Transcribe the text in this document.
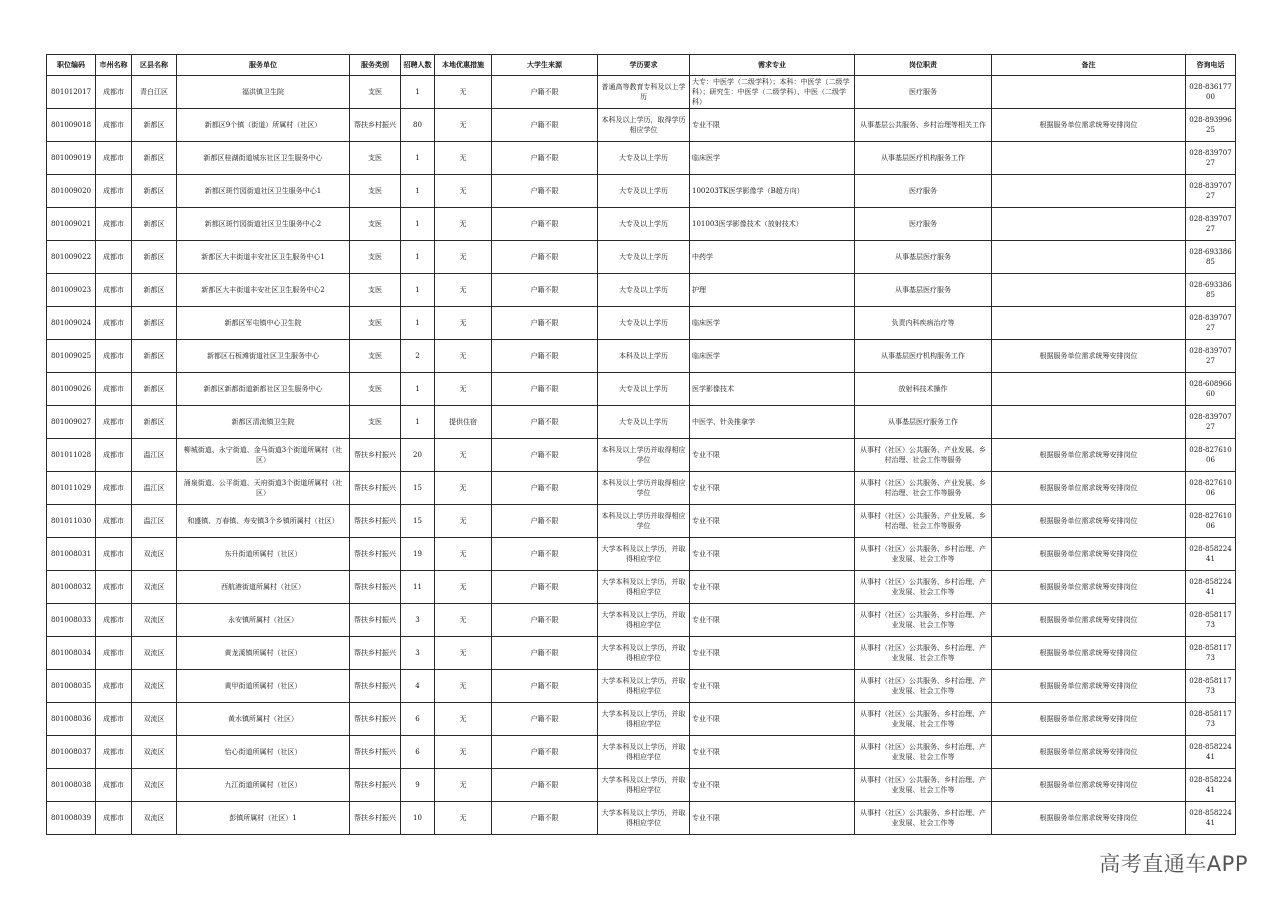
职位编码	市州名称	区县名称	服务单位	服务类别	招聘人数	本地优惠措施	大学生来源	学历要求	需求专业	岗位职责	备注	咨询电话
801012017	成都市	青白江区	福洪镇卫生院	支医	1	无	户籍不限	普通高等教育专科及以上学历	大专：中医学（二级学科）；本科：中医学（二级学科）；研究生：中医学（二级学科）、中医（二级学科）	医疗服务		028-83617700
801009018	成都市	新都区	新都区9个镇（街道）所属村（社区）	帮扶乡村振兴	80	无	户籍不限	本科及以上学历，取得学历相应学位	专业不限	从事基层公共服务、乡村治理等相关工作	根据服务单位需求统筹安排岗位	028-89399625
801009019	成都市	新都区	新都区桂湖街道城东社区卫生服务中心	支医	1	无	户籍不限	大专及以上学历	临床医学	从事基层医疗机构服务工作		028-83970727
801009020	成都市	新都区	新都区斑竹园街道社区卫生服务中心1	支医	1	无	户籍不限	大专及以上学历	100203TK医学影像学（B超方向）	医疗服务		028-83970727
801009021	成都市	新都区	新都区斑竹园街道社区卫生服务中心2	支医	1	无	户籍不限	大专及以上学历	101003医学影像技术（放射技术）	医疗服务		028-83970727
801009022	成都市	新都区	新都区大丰街道丰安社区卫生服务中心1	支医	1	无	户籍不限	大专及以上学历	中药学	从事基层医疗服务		028-69338685
801009023	成都市	新都区	新都区大丰街道丰安社区卫生服务中心2	支医	1	无	户籍不限	大专及以上学历	护理	从事基层医疗服务		028-69338685
801009024	成都市	新都区	新都区军屯镇中心卫生院	支医	1	无	户籍不限	大专及以上学历	临床医学	负责内科疾病治疗等		028-83970727
801009025	成都市	新都区	新都区石板滩街道社区卫生服务中心	支医	2	无	户籍不限	本科及以上学历	临床医学	从事基层医疗机构服务工作	根据服务单位需求统筹安排岗位	028-83970727
801009026	成都市	新都区	新都区新都街道新都社区卫生服务中心	支医	1	无	户籍不限	大专及以上学历	医学影像技术	放射科技术操作		028-60896660
801009027	成都市	新都区	新都区清流镇卫生院	支医	1	提供住宿	户籍不限	大专及以上学历	中医学、针灸推拿学	从事基层医疗服务工作		028-83970727
801011028	成都市	温江区	柳城街道、永宁街道、金马街道3个街道所属村（社区）	帮扶乡村振兴	20	无	户籍不限	本科及以上学历并取得相应学位	专业不限	从事村（社区）公共服务、产业发展、乡村治理、社会工作等服务	根据服务单位需求统筹安排岗位	028-82761006
801011029	成都市	温江区	涌泉街道、公平街道、天府街道3个街道所属村（社区）	帮扶乡村振兴	15	无	户籍不限	本科及以上学历并取得相应学位	专业不限	从事村（社区）公共服务、产业发展、乡村治理、社会工作等服务	根据服务单位需求统筹安排岗位	028-82761006
801011030	成都市	温江区	和盛镇、万春镇、寿安镇3个乡镇所属村（社区）	帮扶乡村振兴	15	无	户籍不限	本科及以上学历并取得相应学位	专业不限	从事村（社区）公共服务、产业发展、乡村治理、社会工作等服务	根据服务单位需求统筹安排岗位	028-82761006
801008031	成都市	双流区	东升街道所属村（社区）	帮扶乡村振兴	19	无	户籍不限	大学本科及以上学历，并取得相应学位	专业不限	从事村（社区）公共服务、乡村治理、产业发展、社会工作等	根据服务单位需求统筹安排岗位	028-85822441
801008032	成都市	双流区	西航港街道所属村（社区）	帮扶乡村振兴	11	无	户籍不限	大学本科及以上学历，并取得相应学位	专业不限	从事村（社区）公共服务、乡村治理、产业发展、社会工作等	根据服务单位需求统筹安排岗位	028-85822441
801008033	成都市	双流区	永安镇所属村（社区）	帮扶乡村振兴	3	无	户籍不限	大学本科及以上学历，并取得相应学位	专业不限	从事村（社区）公共服务、乡村治理、产业发展、社会工作等	根据服务单位需求统筹安排岗位	028-85811773
801008034	成都市	双流区	黄龙溪镇所属村（社区）	帮扶乡村振兴	3	无	户籍不限	大学本科及以上学历，并取得相应学位	专业不限	从事村（社区）公共服务、乡村治理、产业发展、社会工作等	根据服务单位需求统筹安排岗位	028-85811773
801008035	成都市	双流区	黄甲街道所属村（社区）	帮扶乡村振兴	4	无	户籍不限	大学本科及以上学历，并取得相应学位	专业不限	从事村（社区）公共服务、乡村治理、产业发展、社会工作等	根据服务单位需求统筹安排岗位	028-85811773
801008036	成都市	双流区	黄水镇所属村（社区）	帮扶乡村振兴	6	无	户籍不限	大学本科及以上学历，并取得相应学位	专业不限	从事村（社区）公共服务、乡村治理、产业发展、社会工作等	根据服务单位需求统筹安排岗位	028-85811773
801008037	成都市	双流区	怡心街道所属村（社区）	帮扶乡村振兴	6	无	户籍不限	大学本科及以上学历，并取得相应学位	专业不限	从事村（社区）公共服务、乡村治理、产业发展、社会工作等	根据服务单位需求统筹安排岗位	028-85822441
801008038	成都市	双流区	九江街道所属村（社区）	帮扶乡村振兴	9	无	户籍不限	大学本科及以上学历，并取得相应学位	专业不限	从事村（社区）公共服务、乡村治理、产业发展、社会工作等	根据服务单位需求统筹安排岗位	028-85822441
801008039	成都市	双流区	彭镇所属村（社区）1	帮扶乡村振兴	10	无	户籍不限	大学本科及以上学历，并取得相应学位	专业不限	从事村（社区）公共服务、乡村治理、产业发展、社会工作等	根据服务单位需求统筹安排岗位	028-85822441
高考直通车APP
